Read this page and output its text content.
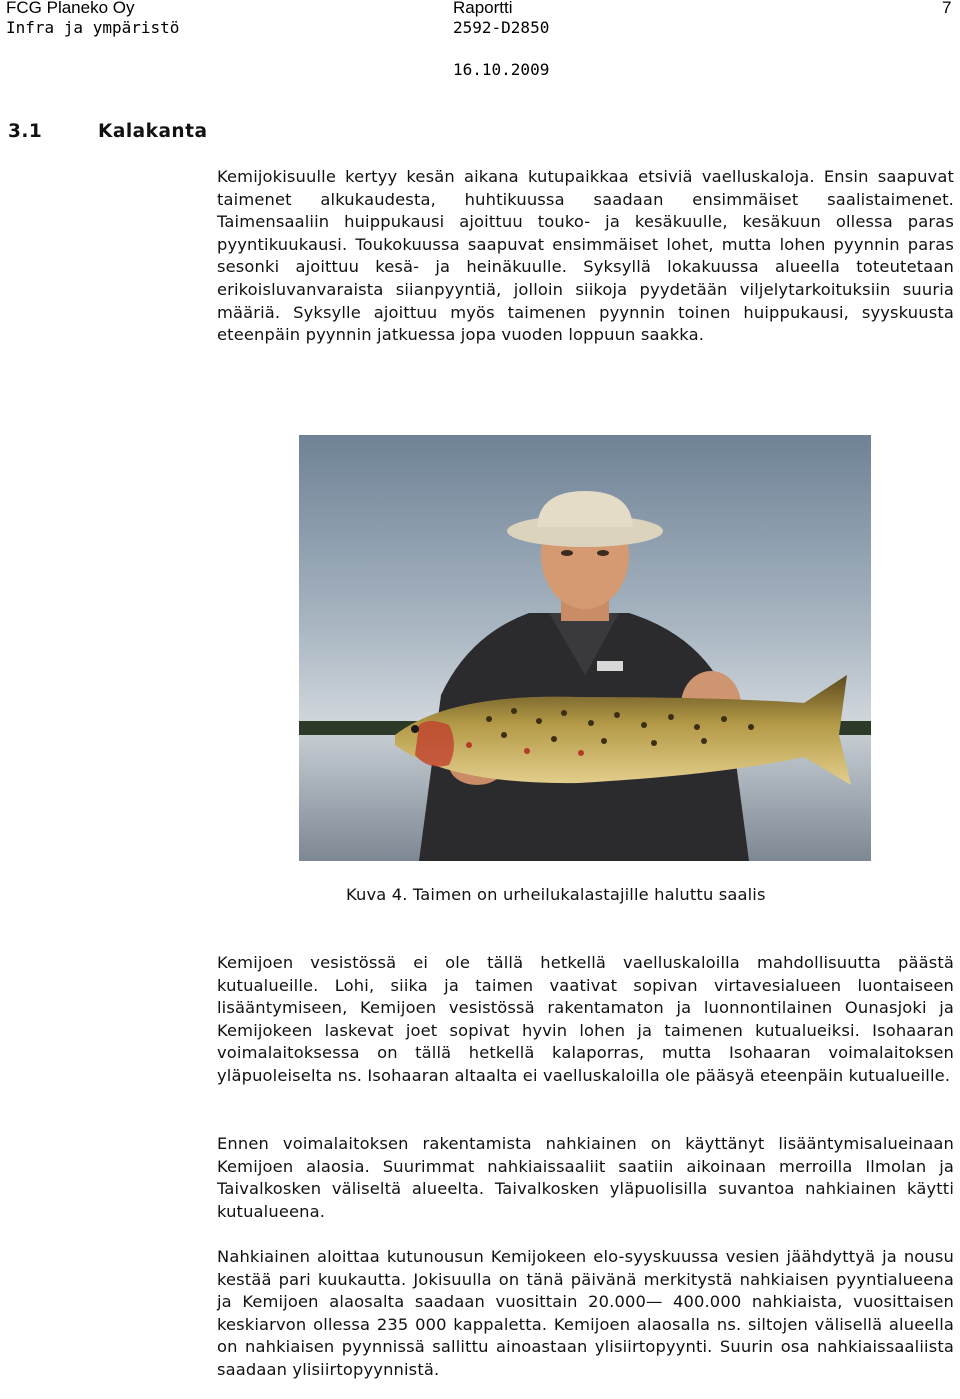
FCG Planeko Oy
Infra ja ympäristö
Raportti
2592-D2850
16.10.2009
7
3.1	Kalakanta

Kemijokisuulle kertyy kesän aikana kutupaikkaa etsiviä vaelluskaloja. Ensin saapuvat taimenet alkukaudesta, huhtikuussa saadaan ensimmäiset saalistaimenet. Taimensaaliin huippukausi ajoittuu touko- ja kesäkuulle, kesäkuun ollessa paras pyyntikuukausi. Toukokuussa saapuvat ensimmäiset lohet, mutta lohen pyynnin paras sesonki ajoittuu kesä- ja heinäkuulle. Syksyllä lokakuussa alueella toteutetaan erikoisluvanvaraista siianpyyntiä, jolloin siikoja pyydetään viljelytarkoituksiin suuria määriä. Syksylle ajoittuu myös taimenen pyynnin toinen huippukausi, syyskuusta eteenpäin pyynnin jatkuessa jopa vuoden loppuun saakka.

Kuva 4. Taimen on urheilukalastajille haluttu saalis

Kemijoen vesistössä ei ole tällä hetkellä vaelluskaloilla mahdollisuutta päästä kutualueille. Lohi, siika ja taimen vaativat sopivan virtavesialueen luontaiseen lisääntymiseen, Kemijoen vesistössä rakentamaton ja luonnontilainen Ounasjoki ja Kemijokeen laskevat joet sopivat hyvin lohen ja taimenen kutualueiksi. Isohaaran voimalaitoksessa on tällä hetkellä kalaporras, mutta Isohaaran voimalaitoksen yläpuoleiselta ns. Isohaaran altaalta ei vaelluskaloilla ole pääsyä eteenpäin kutualueille.

Ennen voimalaitoksen rakentamista nahkiainen on käyttänyt lisääntymisalueinaan Kemijoen alaosia. Suurimmat nahkiaissaaliit saatiin aikoinaan merroilla Ilmolan ja Taivalkosken väliseltä alueelta. Taivalkosken yläpuolisilla suvantoa nahkiainen käytti kutualueena.

Nahkiainen aloittaa kutunousun Kemijokeen elo-syyskuussa vesien jäähdyttyä ja nousu kestää pari kuukautta. Jokisuulla on tänä päivänä merkitystä nahkiaisen pyyntialueena ja Kemijoen alaosalta saadaan vuosittain 20.000— 400.000 nahkiaista, vuosittaisen keskiarvon ollessa 235 000 kappaletta. Kemijoen alaosalla ns. siltojen välisellä alueella on nahkiaisen pyynnissä sallittu ainoastaan ylisiirtopyynti. Suurin osa nahkiaissaaliista saadaan ylisiirtopyynnistä.
